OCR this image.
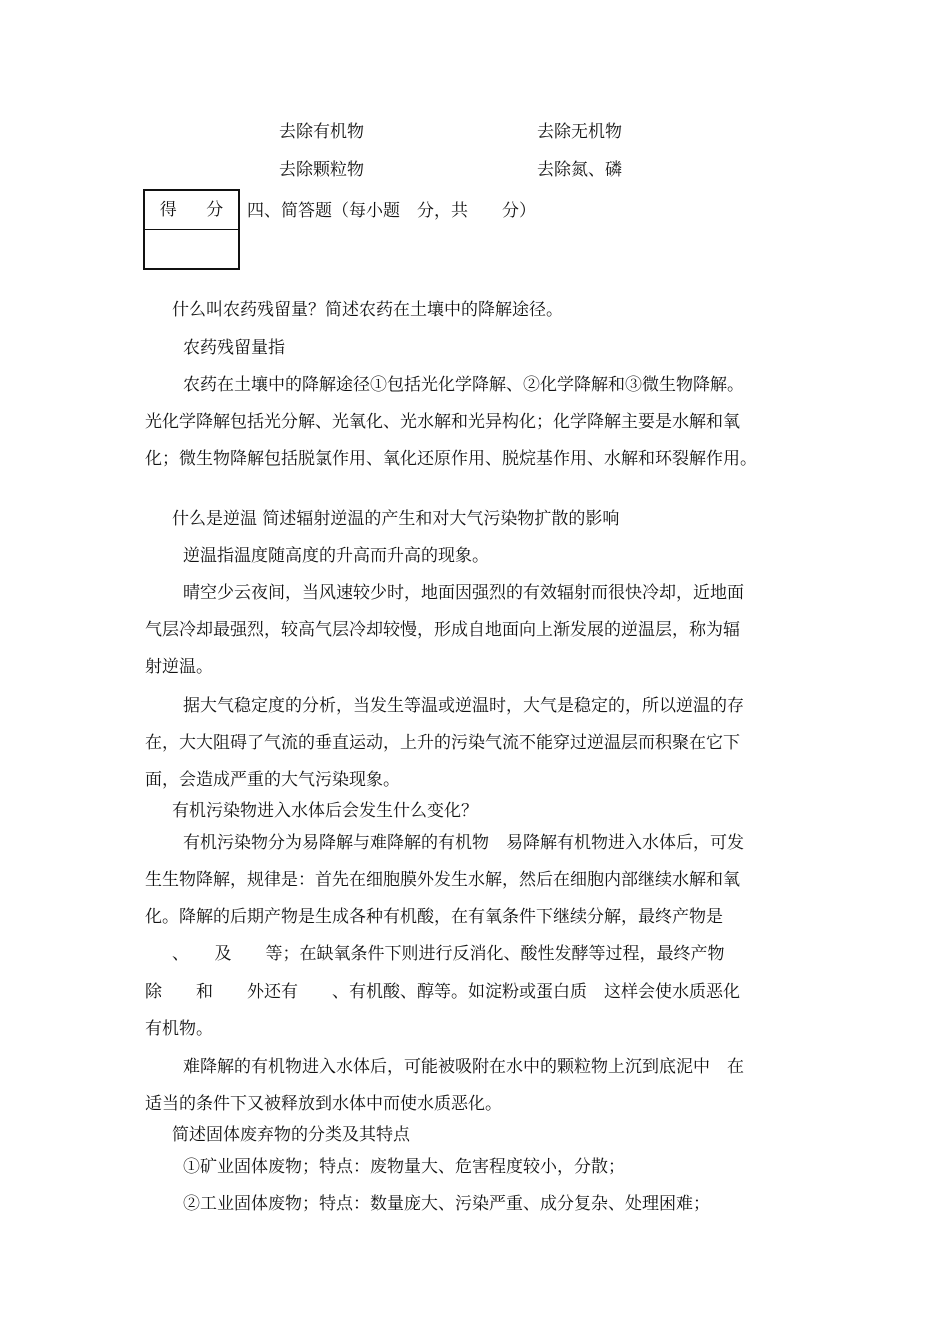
去除有机物	去除无机物

去除颗粒物	去除氮、磷

得 分 四、简答题（每小题　分，共　　分）

什么叫农药残留量？简述农药在土壤中的降解途径。

农药残留量指

农药在土壤中的降解途径①包括光化学降解、②化学降解和③微生物降解。

光化学降解包括光分解、光氧化、光水解和光异构化；化学降解主要是水解和氧

化；微生物降解包括脱氯作用、氧化还原作用、脱烷基作用、水解和环裂解作用。

什么是逆温 简述辐射逆温的产生和对大气污染物扩散的影响

逆温指温度随高度的升高而升高的现象。

晴空少云夜间，当风速较少时，地面因强烈的有效辐射而很快冷却，近地面

气层冷却最强烈，较高气层冷却较慢，形成自地面向上渐发展的逆温层，称为辐

射逆温。

据大气稳定度的分析，当发生等温或逆温时，大气是稳定的，所以逆温的存

在，大大阻碍了气流的垂直运动，上升的污染气流不能穿过逆温层而积聚在它下

面，会造成严重的大气污染现象。

有机污染物进入水体后会发生什么变化？

有机污染物分为易降解与难降解的有机物　易降解有机物进入水体后，可发

生生物降解，规律是：首先在细胞膜外发生水解，然后在细胞内部继续水解和氧

化。降解的后期产物是生成各种有机酸，在有氧条件下继续分解，最终产物是

、　　及　　等；在缺氧条件下则进行反消化、酸性发酵等过程，最终产物

除　　和　　外还有　　、有机酸、醇等。如淀粉或蛋白质　这样会使水质恶化

有机物。

难降解的有机物进入水体后，可能被吸附在水中的颗粒物上沉到底泥中　在

适当的条件下又被释放到水体中而使水质恶化。

简述固体废弃物的分类及其特点

①矿业固体废物；特点：废物量大、危害程度较小，分散；

②工业固体废物；特点：数量庞大、污染严重、成分复杂、处理困难；
